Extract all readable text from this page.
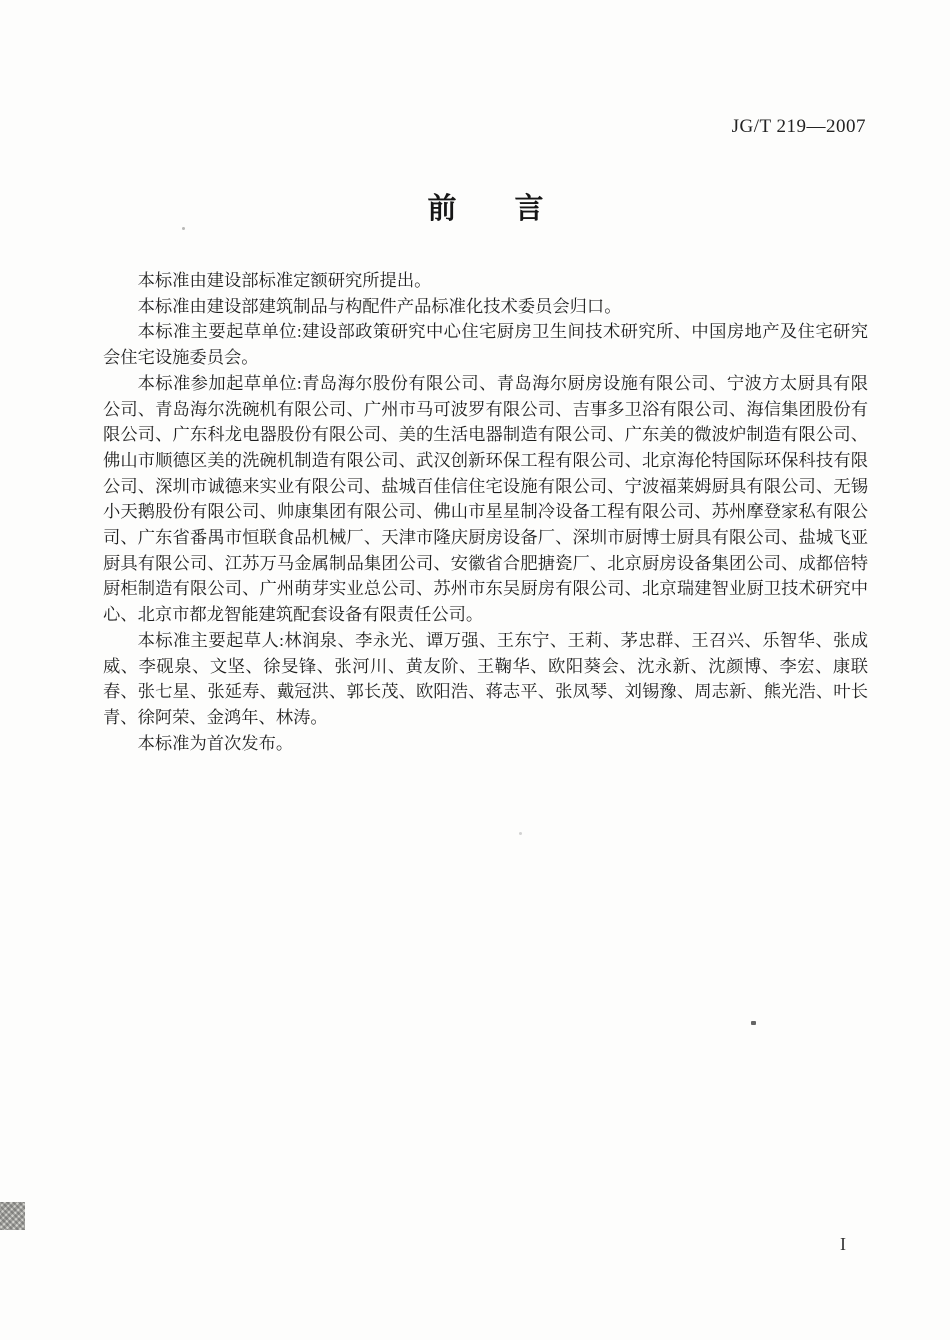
JG/T 219—2007
前　　言

本标准由建设部标准定额研究所提出。

本标准由建设部建筑制品与构配件产品标准化技术委员会归口。

本标准主要起草单位:建设部政策研究中心住宅厨房卫生间技术研究所、中国房地产及住宅研究会住宅设施委员会。

本标准参加起草单位:青岛海尔股份有限公司、青岛海尔厨房设施有限公司、宁波方太厨具有限公司、青岛海尔洗碗机有限公司、广州市马可波罗有限公司、吉事多卫浴有限公司、海信集团股份有限公司、广东科龙电器股份有限公司、美的生活电器制造有限公司、广东美的微波炉制造有限公司、佛山市顺德区美的洗碗机制造有限公司、武汉创新环保工程有限公司、北京海伦特国际环保科技有限公司、深圳市诚德来实业有限公司、盐城百佳信住宅设施有限公司、宁波福莱姆厨具有限公司、无锡小天鹅股份有限公司、帅康集团有限公司、佛山市星星制冷设备工程有限公司、苏州摩登家私有限公司、广东省番禺市恒联食品机械厂、天津市隆庆厨房设备厂、深圳市厨博士厨具有限公司、盐城飞亚厨具有限公司、江苏万马金属制品集团公司、安徽省合肥搪瓷厂、北京厨房设备集团公司、成都倍特厨柜制造有限公司、广州萌芽实业总公司、苏州市东吴厨房有限公司、北京瑞建智业厨卫技术研究中心、北京市都龙智能建筑配套设备有限责任公司。

本标准主要起草人:林润泉、李永光、谭万强、王东宁、王莉、茅忠群、王召兴、乐智华、张成威、李砚泉、文坚、徐旻锋、张河川、黄友阶、王鞠华、欧阳葵会、沈永新、沈颜博、李宏、康联春、张七星、张延寿、戴冠洪、郭长茂、欧阳浩、蒋志平、张凤琴、刘锡豫、周志新、熊光浩、叶长青、徐阿荣、金鸿年、林涛。

本标准为首次发布。

I
